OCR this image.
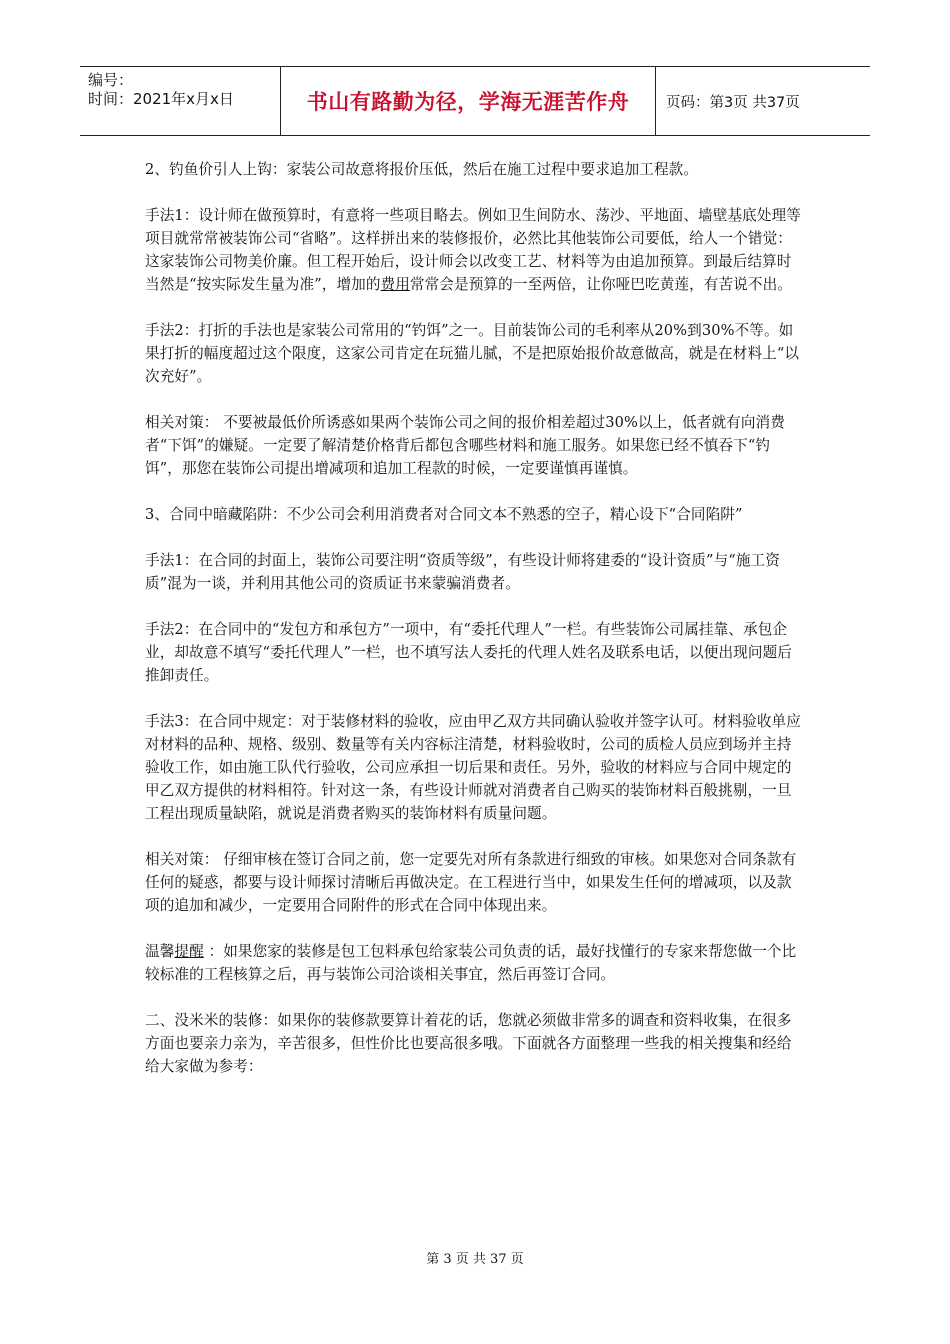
编号：
时间：2021年x月x日	书山有路勤为径，学海无涯苦作舟	页码：第3页 共37页

2、钓鱼价引人上钩：家装公司故意将报价压低，然后在施工过程中要求追加工程款。

手法1：设计师在做预算时，有意将一些项目略去。例如卫生间防水、荡沙、平地面、墙壁基底处理等项目就常常被装饰公司“省略”。这样拼出来的装修报价，必然比其他装饰公司要低，给人一个错觉：这家装饰公司物美价廉。但工程开始后，设计师会以改变工艺、材料等为由追加预算。到最后结算时当然是“按实际发生量为准”，增加的费用常常会是预算的一至两倍，让你哑巴吃黄莲，有苦说不出。

手法2：打折的手法也是家装公司常用的“钓饵”之一。目前装饰公司的毛利率从20%到30%不等。如果打折的幅度超过这个限度，这家公司肯定在玩猫儿腻，不是把原始报价故意做高，就是在材料上“以次充好”。

相关对策： 不要被最低价所诱惑如果两个装饰公司之间的报价相差超过30%以上，低者就有向消费者“下饵”的嫌疑。一定要了解清楚价格背后都包含哪些材料和施工服务。如果您已经不慎吞下“钓饵”，那您在装饰公司提出增减项和追加工程款的时候，一定要谨慎再谨慎。

3、合同中暗藏陷阱：不少公司会利用消费者对合同文本不熟悉的空子，精心设下“合同陷阱”

手法1：在合同的封面上，装饰公司要注明“资质等级”，有些设计师将建委的“设计资质”与“施工资质”混为一谈，并利用其他公司的资质证书来蒙骗消费者。

手法2：在合同中的“发包方和承包方”一项中，有“委托代理人”一栏。有些装饰公司属挂靠、承包企业，却故意不填写“委托代理人”一栏，也不填写法人委托的代理人姓名及联系电话，以便出现问题后推卸责任。

手法3：在合同中规定：对于装修材料的验收，应由甲乙双方共同确认验收并签字认可。材料验收单应对材料的品种、规格、级别、数量等有关内容标注清楚，材料验收时，公司的质检人员应到场并主持验收工作，如由施工队代行验收，公司应承担一切后果和责任。另外，验收的材料应与合同中规定的甲乙双方提供的材料相符。针对这一条，有些设计师就对消费者自己购买的装饰材料百般挑剔，一旦工程出现质量缺陷，就说是消费者购买的装饰材料有质量问题。

相关对策： 仔细审核在签订合同之前，您一定要先对所有条款进行细致的审核。如果您对合同条款有任何的疑惑，都要与设计师探讨清晰后再做决定。在工程进行当中，如果发生任何的增减项，以及款项的追加和减少，一定要用合同附件的形式在合同中体现出来。

温馨提醒 ：如果您家的装修是包工包料承包给家装公司负责的话，最好找懂行的专家来帮您做一个比较标准的工程核算之后，再与装饰公司洽谈相关事宜，然后再签订合同。

二、没米米的装修：如果你的装修款要算计着花的话，您就必须做非常多的调查和资料收集，在很多方面也要亲力亲为，辛苦很多，但性价比也要高很多哦。下面就各方面整理一些我的相关搜集和经给给大家做为参考：

第 3 页 共 37 页
